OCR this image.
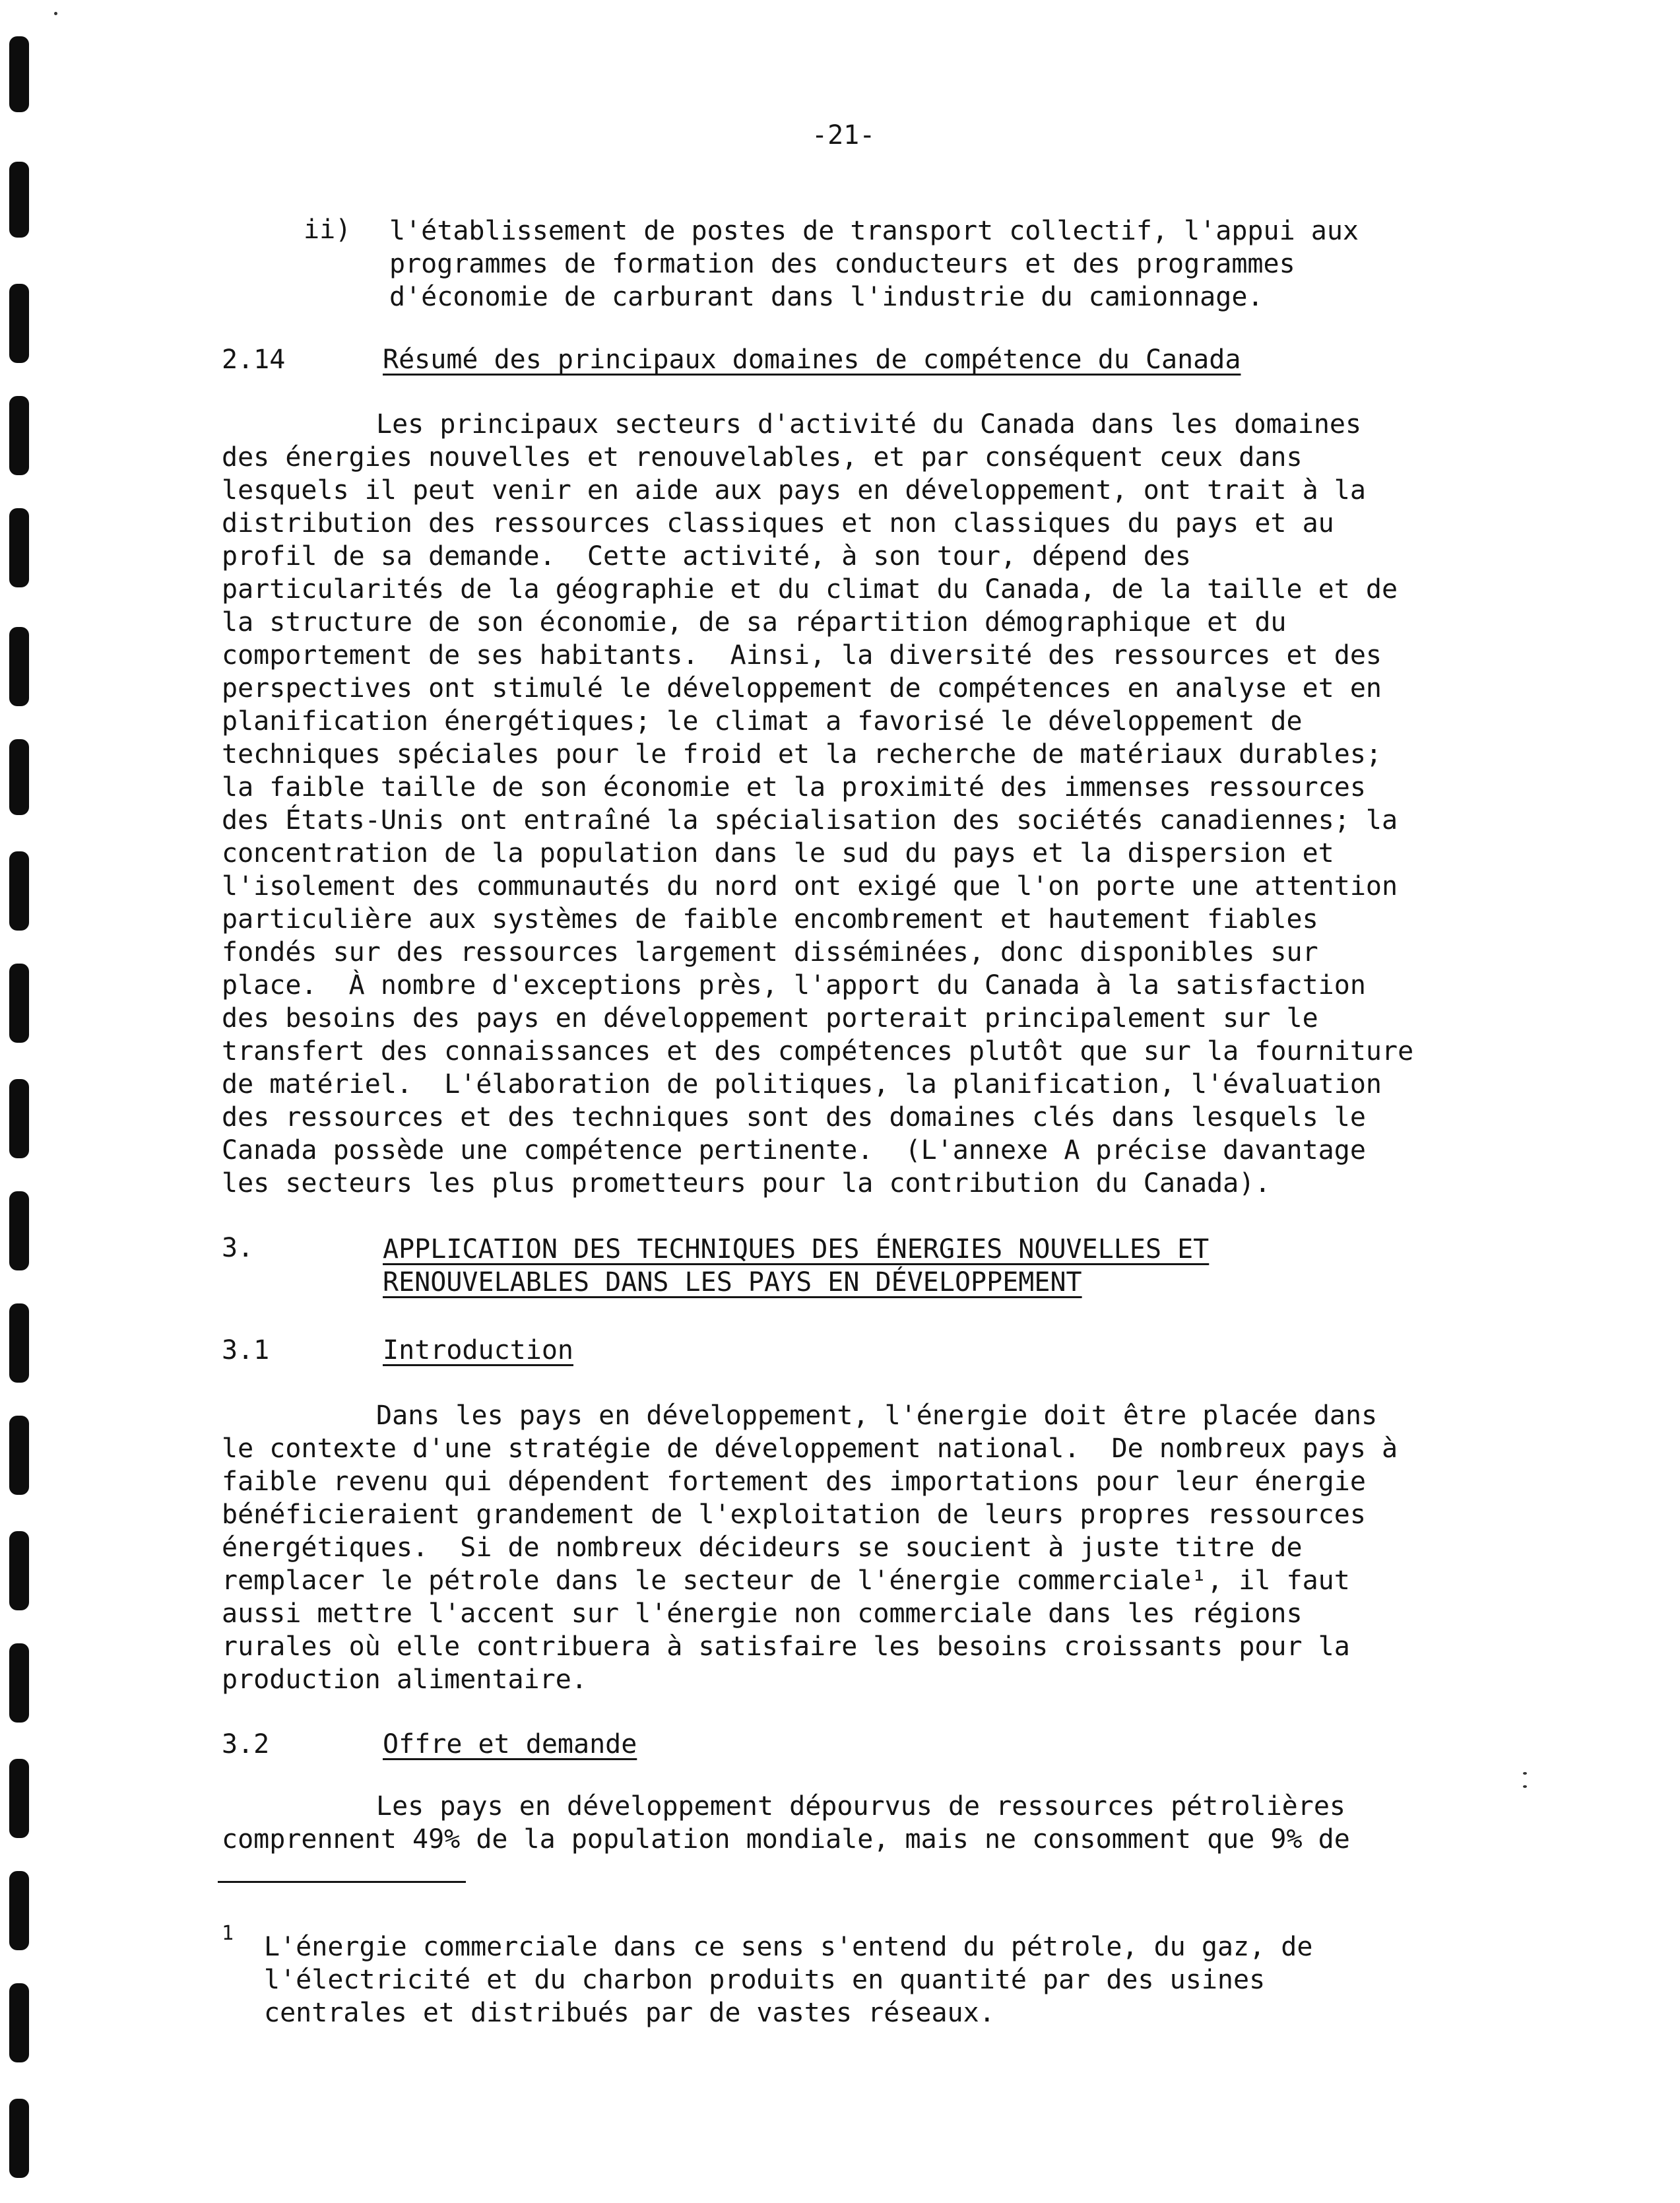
-21-
ii) l'établissement de postes de transport collectif, l'appui aux
programmes de formation des conducteurs et des programmes
d'économie de carburant dans l'industrie du camionnage.
2.14	Résumé des principaux domaines de compétence du Canada
Les principaux secteurs d'activité du Canada dans les domaines
des énergies nouvelles et renouvelables, et par conséquent ceux dans
lesquels il peut venir en aide aux pays en développement, ont trait à la
distribution des ressources classiques et non classiques du pays et au
profil de sa demande.  Cette activité, à son tour, dépend des
particularités de la géographie et du climat du Canada, de la taille et de
la structure de son économie, de sa répartition démographique et du
comportement de ses habitants.  Ainsi, la diversité des ressources et des
perspectives ont stimulé le développement de compétences en analyse et en
planification énergétiques; le climat a favorisé le développement de
techniques spéciales pour le froid et la recherche de matériaux durables;
la faible taille de son économie et la proximité des immenses ressources
des États-Unis ont entraîné la spécialisation des sociétés canadiennes; la
concentration de la population dans le sud du pays et la dispersion et
l'isolement des communautés du nord ont exigé que l'on porte une attention
particulière aux systèmes de faible encombrement et hautement fiables
fondés sur des ressources largement disséminées, donc disponibles sur
place.  À nombre d'exceptions près, l'apport du Canada à la satisfaction
des besoins des pays en développement porterait principalement sur le
transfert des connaissances et des compétences plutôt que sur la fourniture
de matériel.  L'élaboration de politiques, la planification, l'évaluation
des ressources et des techniques sont des domaines clés dans lesquels le
Canada possède une compétence pertinente.  (L'annexe A précise davantage
les secteurs les plus prometteurs pour la contribution du Canada).
3.	APPLICATION DES TECHNIQUES DES ÉNERGIES NOUVELLES ET
RENOUVELABLES DANS LES PAYS EN DÉVELOPPEMENT
3.1	Introduction
Dans les pays en développement, l'énergie doit être placée dans
le contexte d'une stratégie de développement national.  De nombreux pays à
faible revenu qui dépendent fortement des importations pour leur énergie
bénéficieraient grandement de l'exploitation de leurs propres ressources
énergétiques.  Si de nombreux décideurs se soucient à juste titre de
remplacer le pétrole dans le secteur de l'énergie commerciale¹, il faut
aussi mettre l'accent sur l'énergie non commerciale dans les régions
rurales où elle contribuera à satisfaire les besoins croissants pour la
production alimentaire.
3.2	Offre et demande
Les pays en développement dépourvus de ressources pétrolières
comprennent 49% de la population mondiale, mais ne consomment que 9% de
1 L'énergie commerciale dans ce sens s'entend du pétrole, du gaz, de
l'électricité et du charbon produits en quantité par des usines
centrales et distribués par de vastes réseaux.
